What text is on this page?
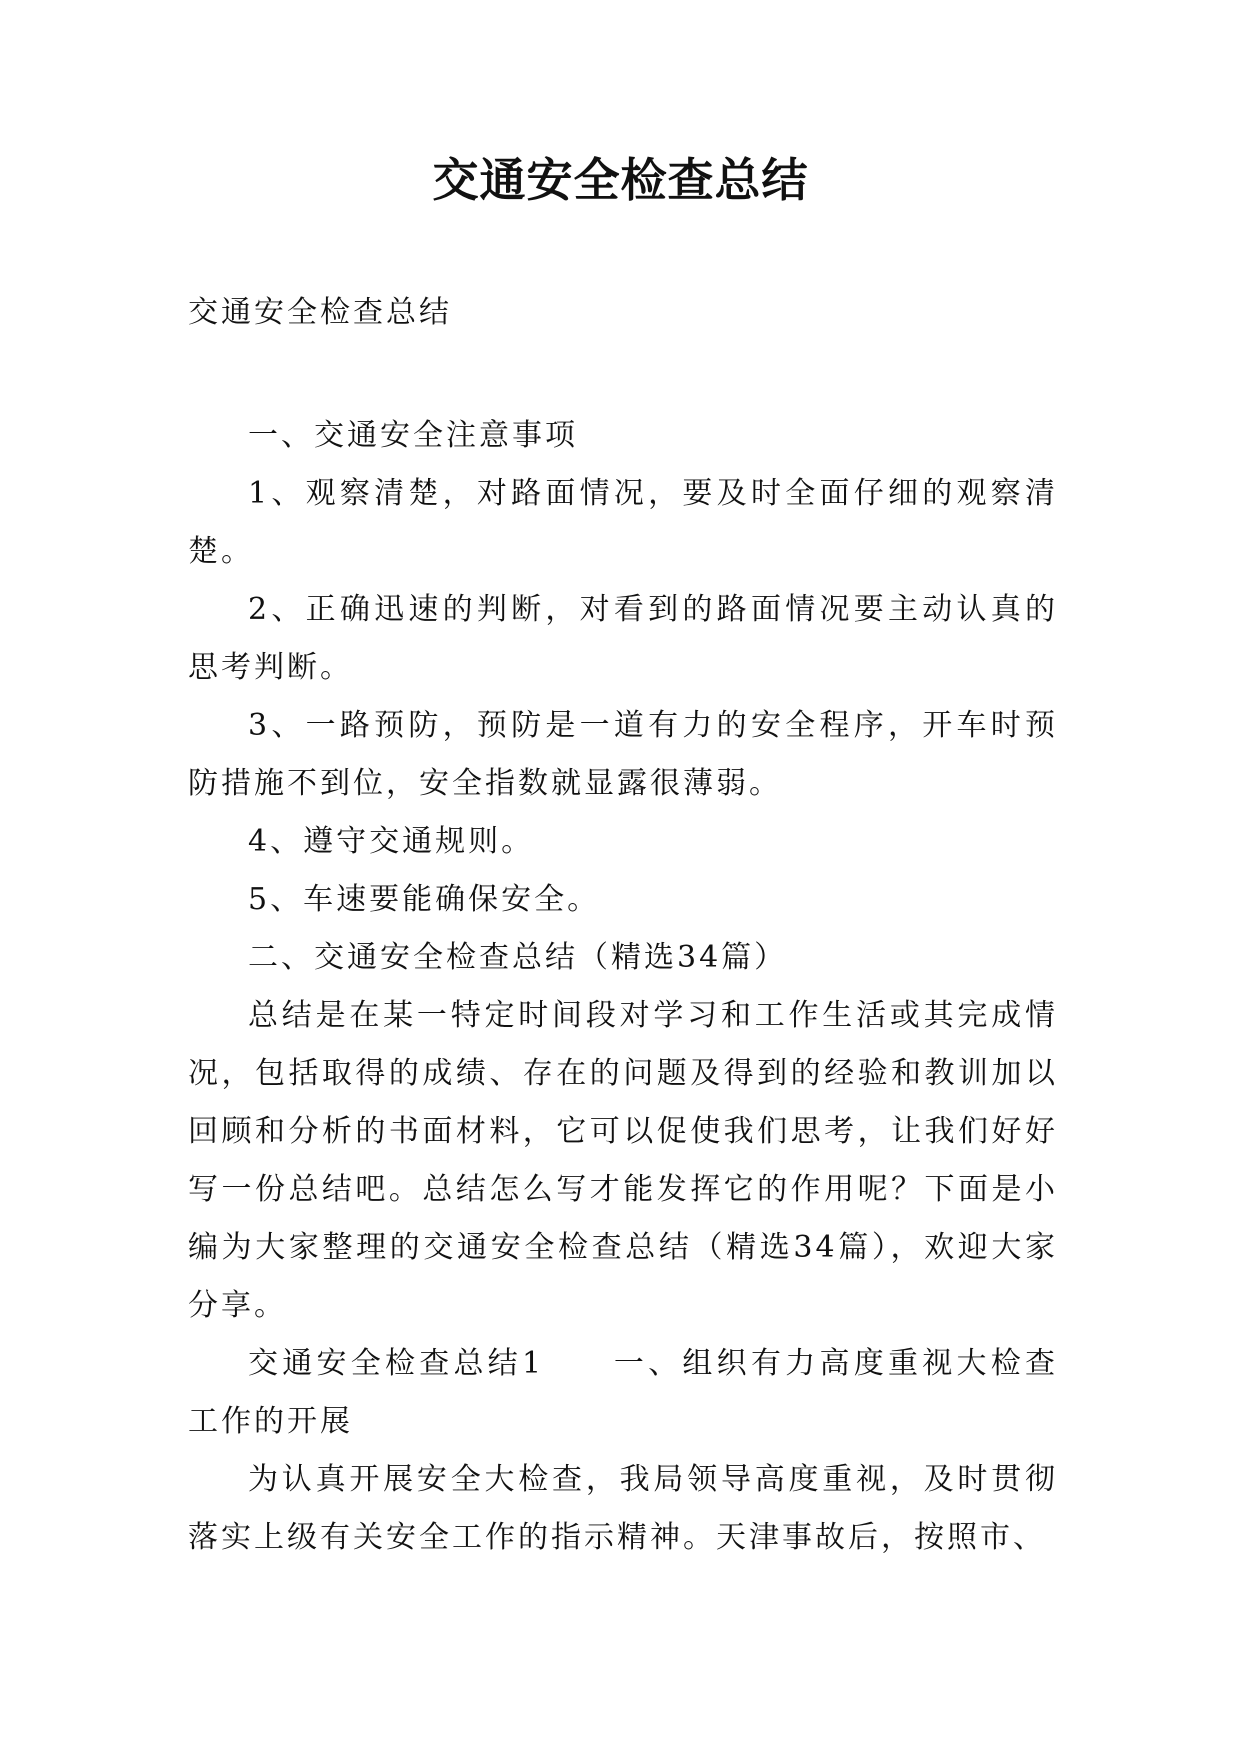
交通安全检查总结

交通安全检查总结

一、交通安全注意事项

1、观察清楚，对路面情况，要及时全面仔细的观察清楚。

2、正确迅速的判断，对看到的路面情况要主动认真的思考判断。

3、一路预防，预防是一道有力的安全程序，开车时预防措施不到位，安全指数就显露很薄弱。

4、遵守交通规则。

5、车速要能确保安全。

二、交通安全检查总结（精选34篇）

总结是在某一特定时间段对学习和工作生活或其完成情况，包括取得的成绩、存在的问题及得到的经验和教训加以回顾和分析的书面材料，它可以促使我们思考，让我们好好写一份总结吧。总结怎么写才能发挥它的作用呢？下面是小编为大家整理的交通安全检查总结（精选34篇），欢迎大家分享。

交通安全检查总结1　　一、组织有力高度重视大检查工作的开展

为认真开展安全大检查，我局领导高度重视，及时贯彻落实上级有关安全工作的指示精神。天津事故后，按照市、
